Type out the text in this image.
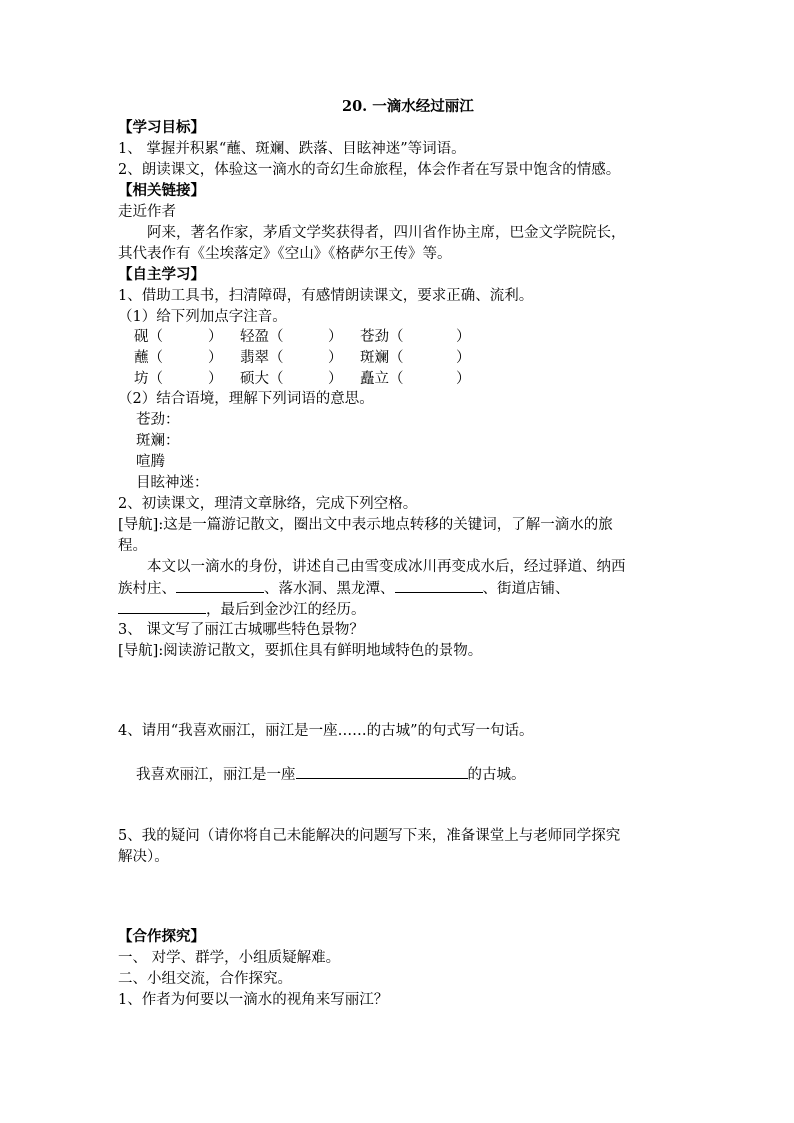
20. 一滴水经过丽江
【学习目标】
1、 掌握并积累“蘸、斑斓、跌落、目眩神迷”等词语。
2、朗读课文，体验这一滴水的奇幻生命旅程，体会作者在写景中饱含的情感。
【相关链接】
走近作者
阿来，著名作家，茅盾文学奖获得者，四川省作协主席，巴金文学院院长，
其代表作有《尘埃落定》《空山》《格萨尔王传》等。
【自主学习】
1、借助工具书，扫清障碍，有感情朗读课文，要求正确、流利。
（1）给下列加点字注音。
砚（	） 轻盈（	） 苍劲（	）
蘸（	） 翡翠（	） 斑斓（	）
坊（	） 硕大（	） 矗立（	）
（2）结合语境，理解下列词语的意思。
苍劲：
斑斓：
喧腾
目眩神迷：
2、初读课文，理清文章脉络，完成下列空格。
[导航]:这是一篇游记散文，圈出文中表示地点转移的关键词，了解一滴水的旅
程。
本文以一滴水的身份，讲述自己由雪变成冰川再变成水后，经过驿道、纳西
族村庄、	、落水洞、黑龙潭、	、街道店铺、
，最后到金沙江的经历。
3、 课文写了丽江古城哪些特色景物？
[导航]:阅读游记散文，要抓住具有鲜明地域特色的景物。
4、请用“我喜欢丽江，丽江是一座……的古城”的句式写一句话。
我喜欢丽江，丽江是一座	的古城。
5、我的疑问（请你将自己未能解决的问题写下来，准备课堂上与老师同学探究
解决）。
【合作探究】
一、 对学、群学，小组质疑解难。
二、小组交流，合作探究。
1、作者为何要以一滴水的视角来写丽江？
